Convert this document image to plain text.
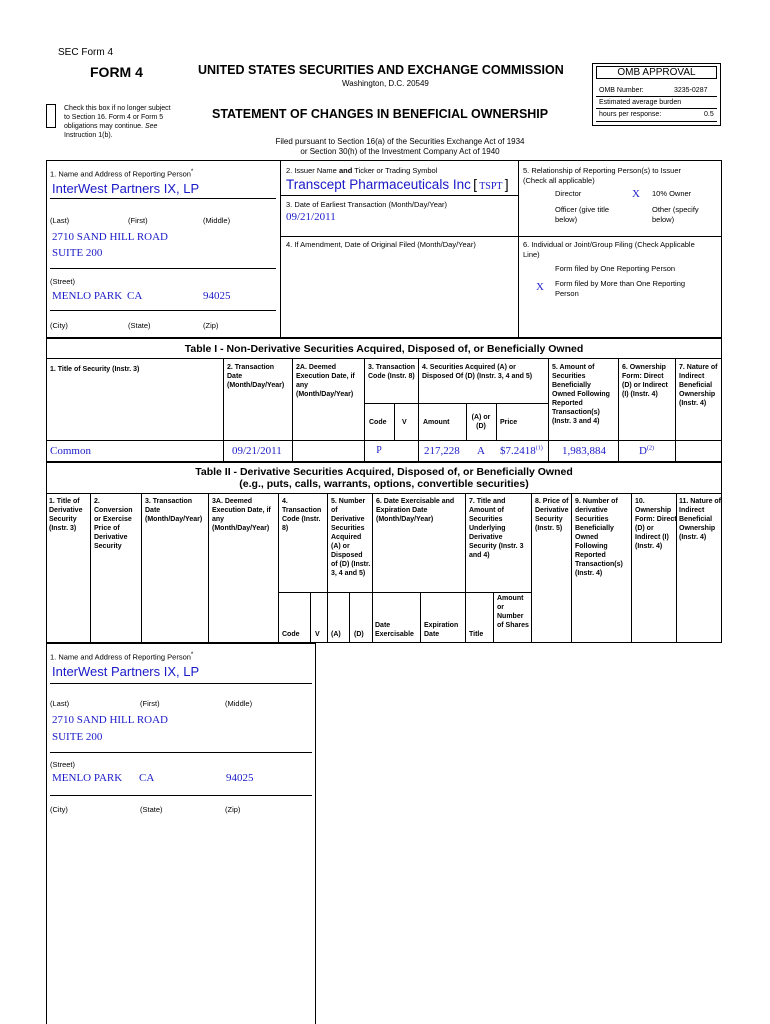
SEC Form 4
FORM 4	UNITED STATES SECURITIES AND EXCHANGE COMMISSION
Washington, D.C. 20549
Check this box if no longer subject
to Section 16. Form 4 or Form 5
obligations may continue. See
Instruction 1(b).
STATEMENT OF CHANGES IN BENEFICIAL OWNERSHIP
Filed pursuant to Section 16(a) of the Securities Exchange Act of 1934
or Section 30(h) of the Investment Company Act of 1940
OMB APPROVAL
OMB Number:	3235-0287
Estimated average burden
hours per response:	0.5
1. Name and Address of Reporting Person*
InterWest Partners IX, LP
(Last)	(First)	(Middle)
2710 SAND HILL ROAD
SUITE 200
(Street)
MENLO PARK CA	94025
(City)	(State)	(Zip)
2. Issuer Name and Ticker or Trading Symbol
Transcept Pharmaceuticals Inc [ TSPT ]
3. Date of Earliest Transaction (Month/Day/Year)
09/21/2011
4. If Amendment, Date of Original Filed (Month/Day/Year)
5. Relationship of Reporting Person(s) to Issuer
(Check all applicable)
Director	X 10% Owner
Officer (give title
below)
Other (specify
below)
6. Individual or Joint/Group Filing (Check Applicable
Line)
Form filed by One Reporting Person
X Form filed by More than One Reporting
Person
Table I - Non-Derivative Securities Acquired, Disposed of, or Beneficially Owned
1. Title of Security (Instr. 3)	2. Transaction Date (Month/Day/Year)
2A. Deemed Execution Date, if any (Month/Day/Year)
3. Transaction Code (Instr. 8)
4. Securities Acquired (A) or Disposed Of (D) (Instr. 3, 4 and 5)
5. Amount of Securities Beneficially Owned Following Reported Transaction(s) (Instr. 3 and 4)
6. Ownership Form: Direct (D) or Indirect (I) (Instr. 4)
7. Nature of Indirect Beneficial Ownership (Instr. 4)
Code V Amount
(A) or (D)
Price
Common	09/21/2011	P	217,228	A	$7.2418$^{(1)}$ 1,983,884	$D^{(2)}$
Table II - Derivative Securities Acquired, Disposed of, or Beneficially Owned
(e.g., puts, calls, warrants, options, convertible securities)
1. Title of Derivative Security (Instr. 3)
2. Conversion or Exercise Price of Derivative Security
3. Transaction Date (Month/Day/Year)
3A. Deemed Execution Date, if any (Month/Day/Year)
4. Transaction Code (Instr. 8)
5. Number of Derivative Securities Acquired (A) or Disposed of (D) (Instr. 3, 4 and 5)
6. Date Exercisable and Expiration Date (Month/Day/Year)
7. Title and Amount of Securities Underlying Derivative Security (Instr. 3 and 4)
8. Price of Derivative Security (Instr. 5)
9. Number of derivative Securities Beneficially Owned Following Reported Transaction(s) (Instr. 4)
10. Ownership Form: Direct (D) or Indirect (I) (Instr. 4)
11. Nature of Indirect Beneficial Ownership (Instr. 4)
Code V (A) (D)
Date Exercisable
Expiration Date	Title
Amount or Number of Shares
1. Name and Address of Reporting Person*
InterWest Partners IX, LP
(Last)	(First)	(Middle)
2710 SAND HILL ROAD
SUITE 200
(Street)
MENLO PARK CA	94025
(City)	(State)	(Zip)
